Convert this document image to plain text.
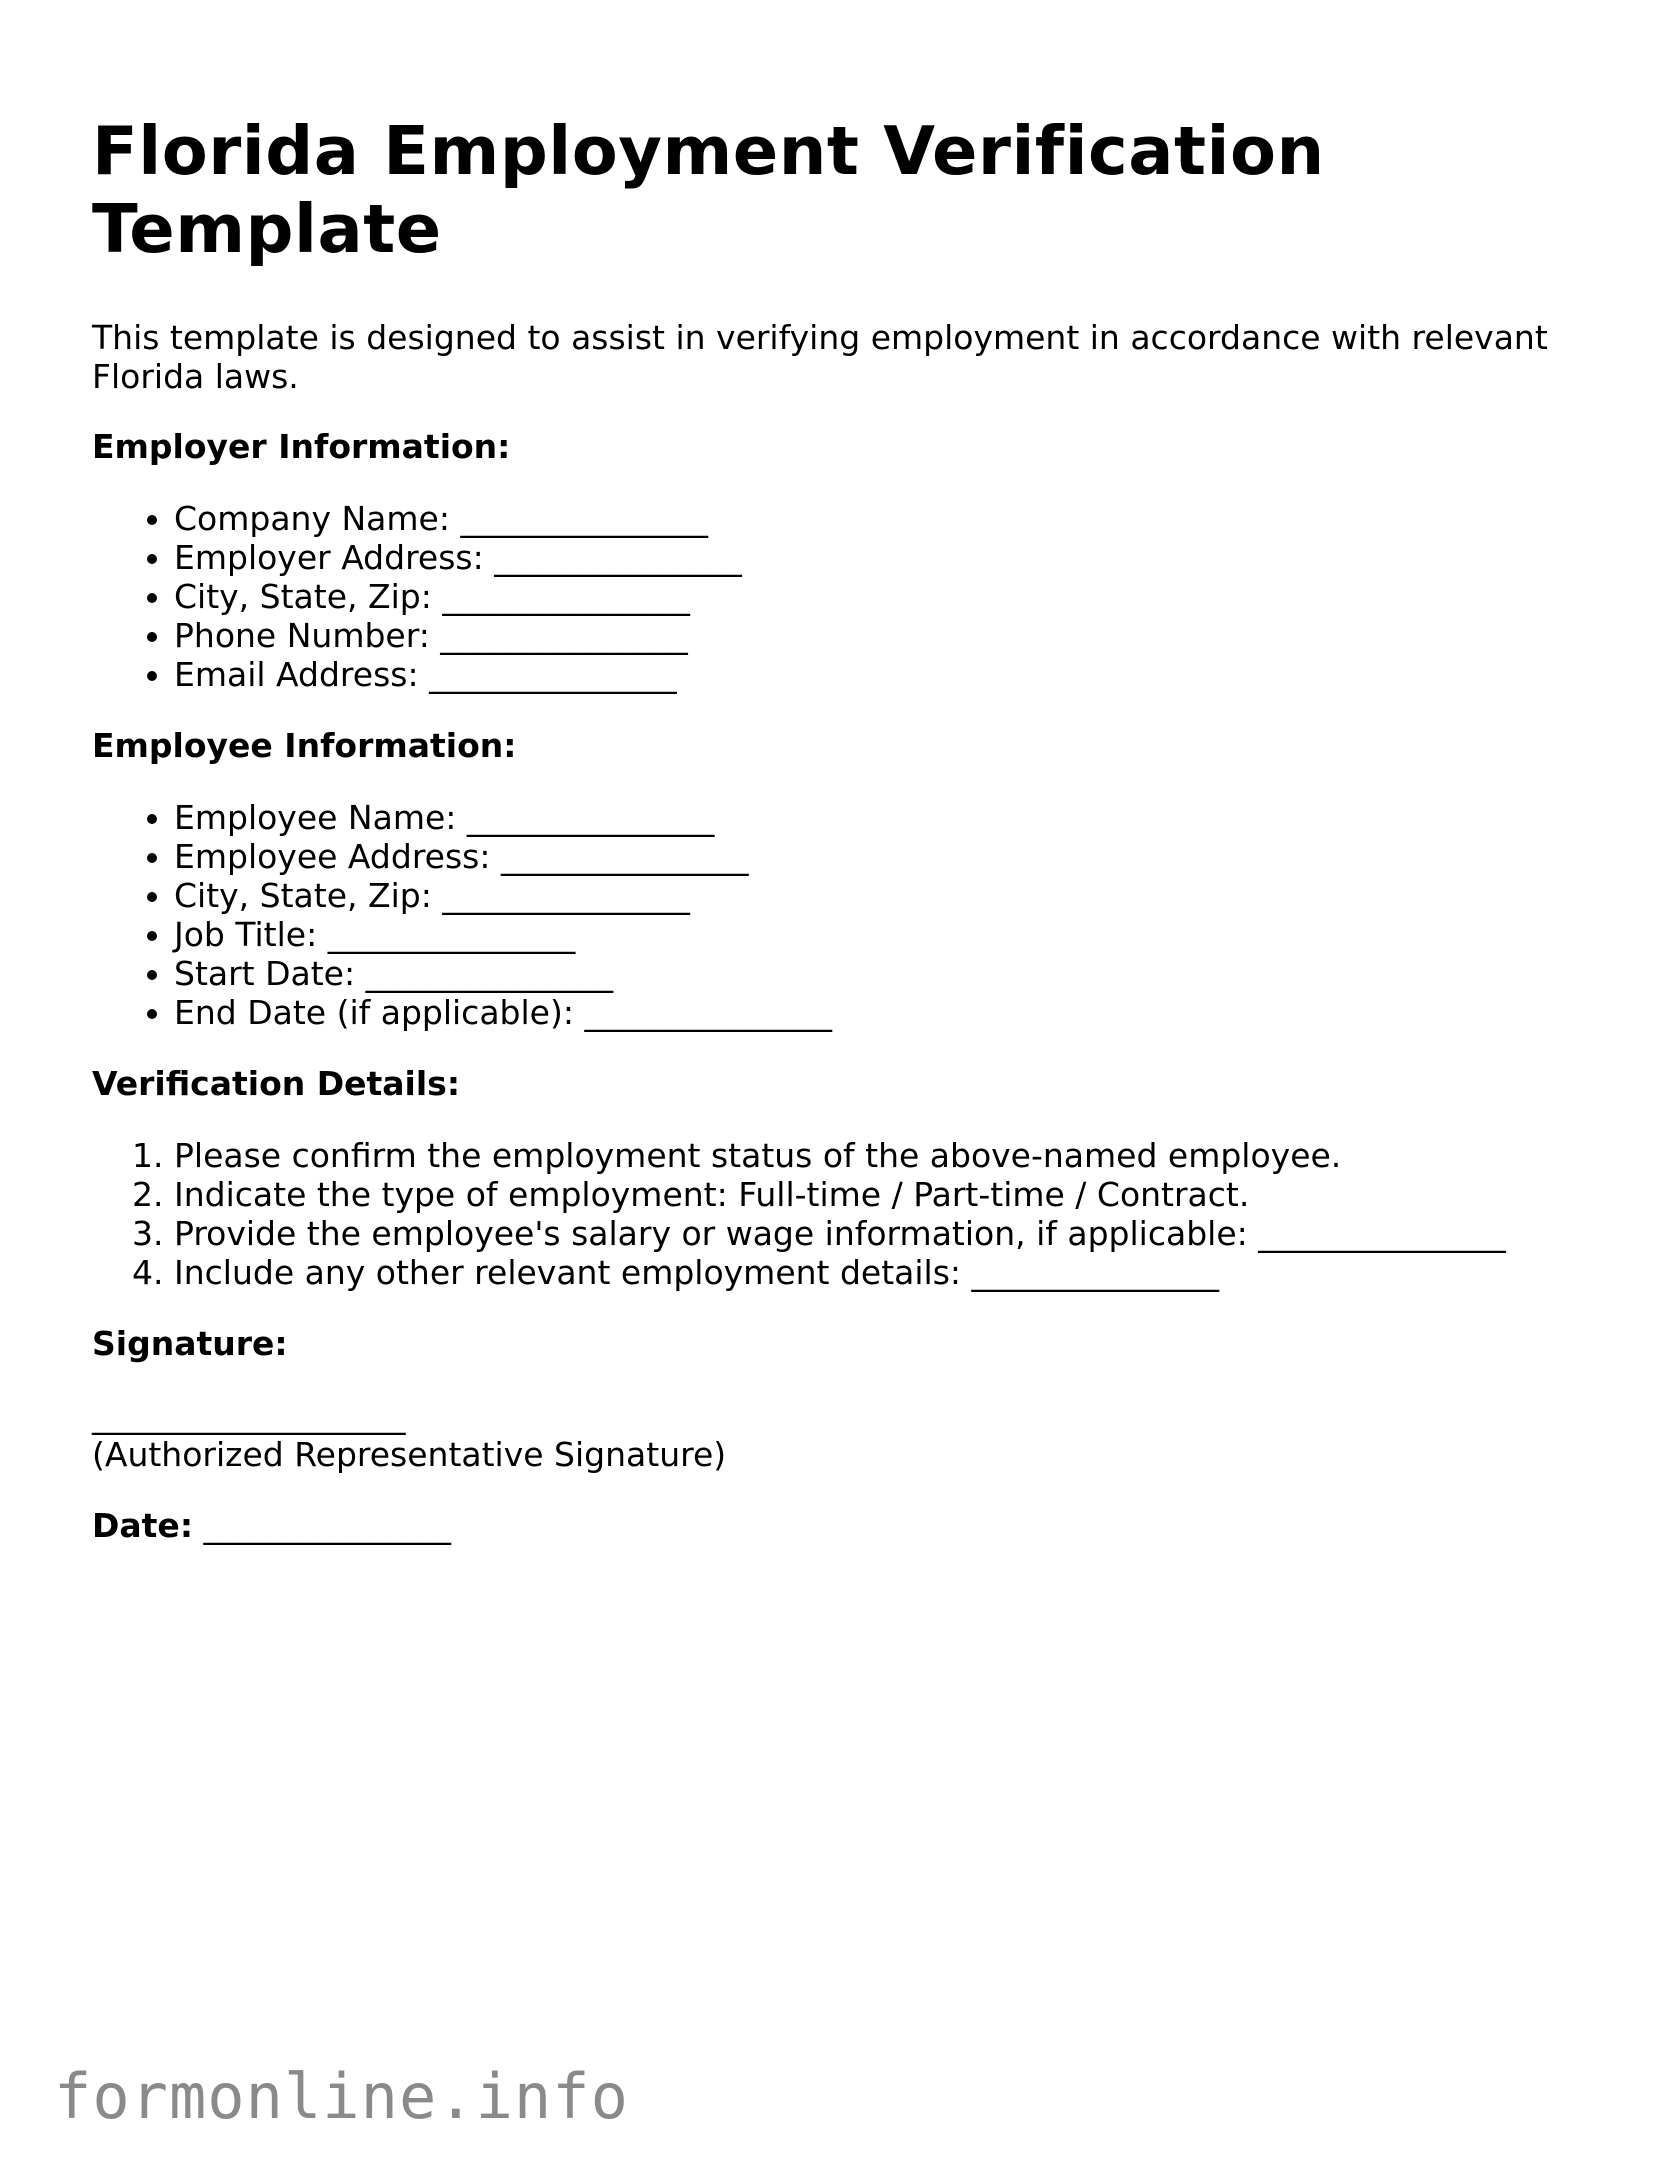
Florida Employment Verification
Template

This template is designed to assist in verifying employment in accordance with relevant Florida laws.

Employer Information:

• Company Name: _______________
• Employer Address: _______________
• City, State, Zip: _______________
• Phone Number: _______________
• Email Address: _______________

Employee Information:

• Employee Name: _______________
• Employee Address: _______________
• City, State, Zip: _______________
• Job Title: _______________
• Start Date: _______________
• End Date (if applicable): _______________

Verification Details:

1. Please confirm the employment status of the above-named employee.
2. Indicate the type of employment: Full-time / Part-time / Contract.
3. Provide the employee's salary or wage information, if applicable: _______________
4. Include any other relevant employment details: _______________

Signature:

___________________
(Authorized Representative Signature)

Date: _______________

formonline.info
